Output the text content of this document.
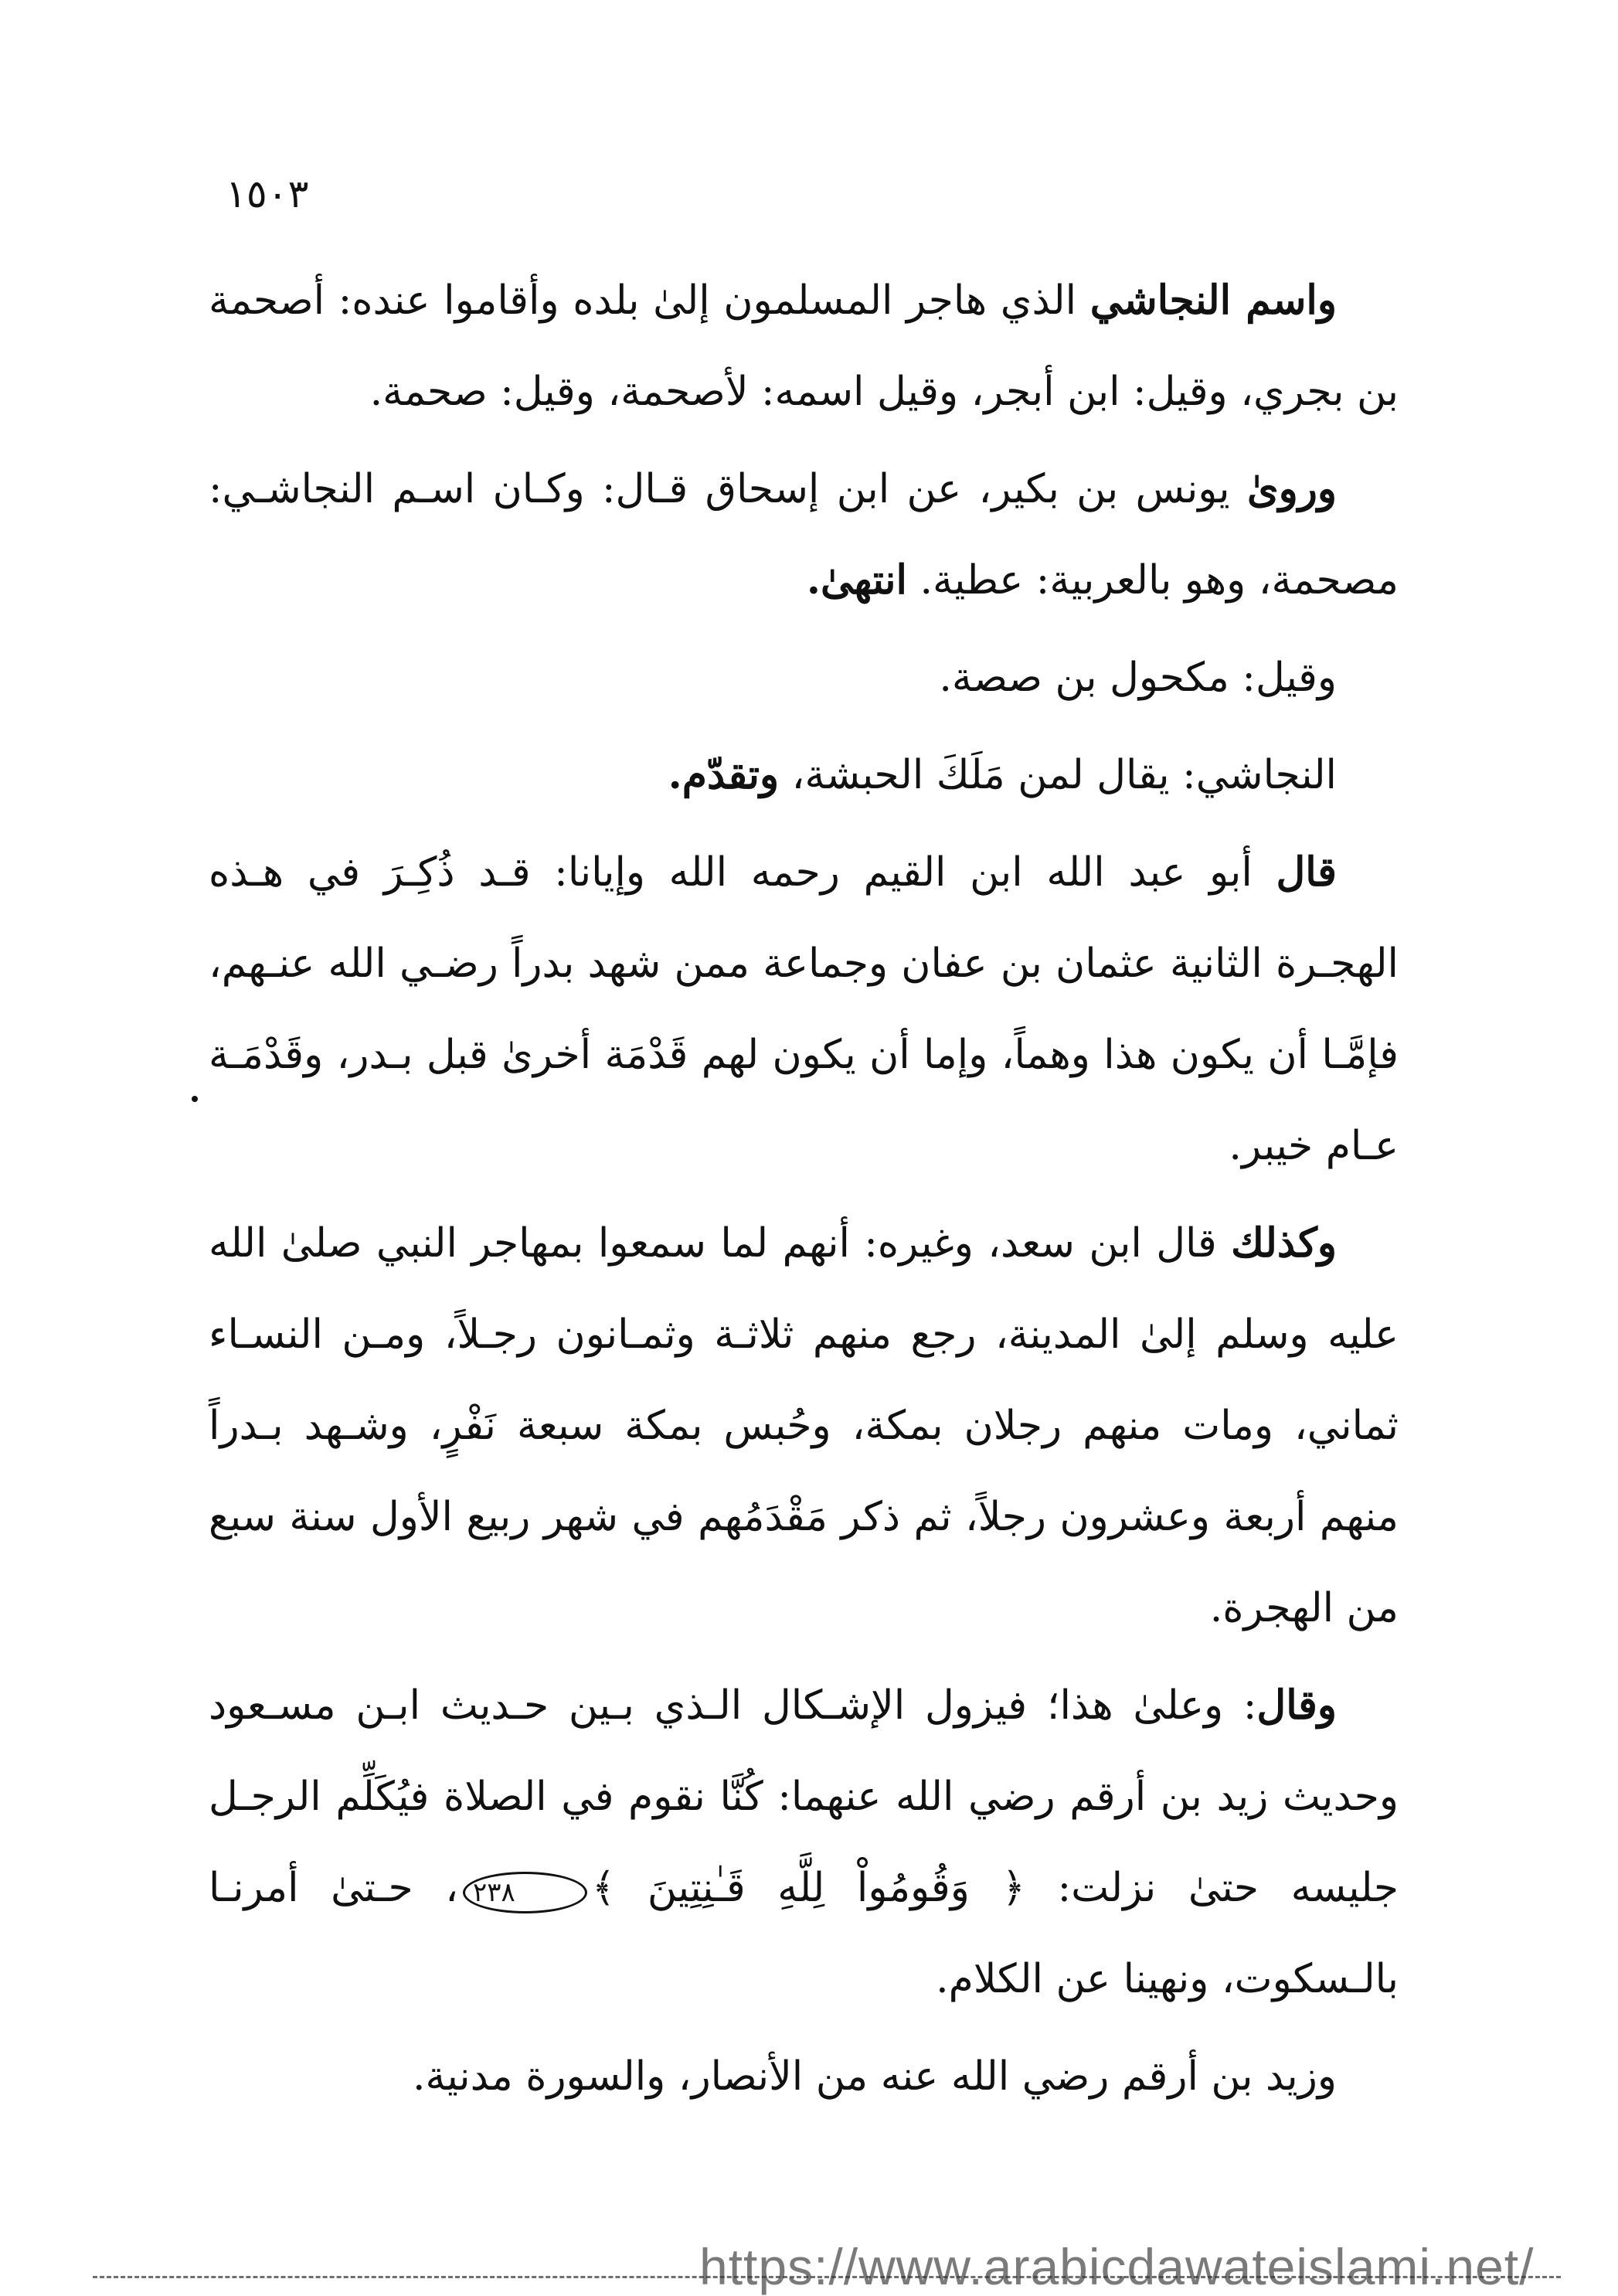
١٥٠٣

واسم النجاشي الذي هاجر المسلمون إلىٰ بلده وأقاموا عنده: أصحمة بن بجري، وقيل: ابن أبجر، وقيل اسمه: لأصحمة، وقيل: صحمة.

وروىٰ يونس بن بكير، عن ابن إسحاق قـال: وكـان اسـم النجاشـي: مصحمة، وهو بالعربية: عطية. انتهىٰ.

وقيل: مكحول بن صصة.

النجاشي: يقال لمن مَلَكَ الحبشة، وتقدّم.

قال أبو عبد الله ابن القيم رحمه الله وإيانا: قـد ذُكِـرَ في هـذه الهجـرة الثانية عثمان بن عفان وجماعة ممن شهد بدراً رضـي الله عنـهم، فإمَّـا أن يكون هذا وهماً، وإما أن يكون لهم قَدْمَة أخرىٰ قبل بـدر، وقَدْمَـة عـام خيبر.

وكذلك قال ابن سعد، وغيره: أنهم لما سمعوا بمهاجر النبي صلىٰ الله عليه وسلم إلىٰ المدينة، رجع منهم ثلاثـة وثمـانون رجـلاً، ومـن النسـاء ثماني، ومات منهم رجلان بمكة، وحُبس بمكة سبعة نَفْرٍ، وشـهد بـدراً منهم أربعة وعشرون رجلاً، ثم ذكر مَقْدَمُهم في شهر ربيع الأول سنة سبع من الهجرة.

وقال: وعلىٰ هذا؛ فيزول الإشـكال الـذي بـين حـديث ابـن مسـعود وحديث زيد بن أرقم رضي الله عنهما: كُنَّا نقوم في الصلاة فيُكَلِّم الرجـل جليسه حتىٰ نزلت: ﴿ وَقُومُواْ لِلَّهِ قَـٰنِتِينَ ﴾٢٣٨، حـتىٰ أمرنـا بالـسكوت، ونهينا عن الكلام.

وزيد بن أرقم رضي الله عنه من الأنصار، والسورة مدنية.

https://www.arabicdawateislami.net/
